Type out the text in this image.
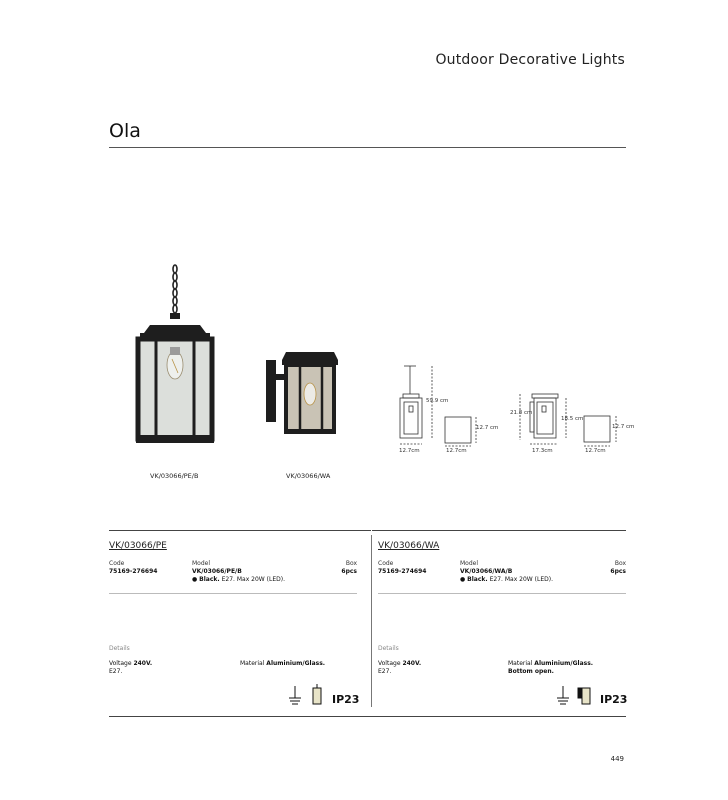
Outdoor Decorative Lights
Ola
VK/03066/PE/B	VK/03066/WA
59.9 cm
12.7cm	12.7cm
12.7 cm
21.8 cm
18.5 cm
17.3cm	12.7cm
12.7 cm
VK/03066/PE
Code
75169-276694
Model
VK/03066/PE/B
● Black. E27. Max 20W (LED).
Box
6pcs
Details
Voltage 240V.
E27.
Material Aluminium/Glass.
IP23
VK/03066/WA
Code
75169-274694
Model
VK/03066/WA/B
● Black. E27. Max 20W (LED).
Box
6pcs
Details
Voltage 240V.
E27.
Material Aluminium/Glass.
Bottom open.
IP23
449
